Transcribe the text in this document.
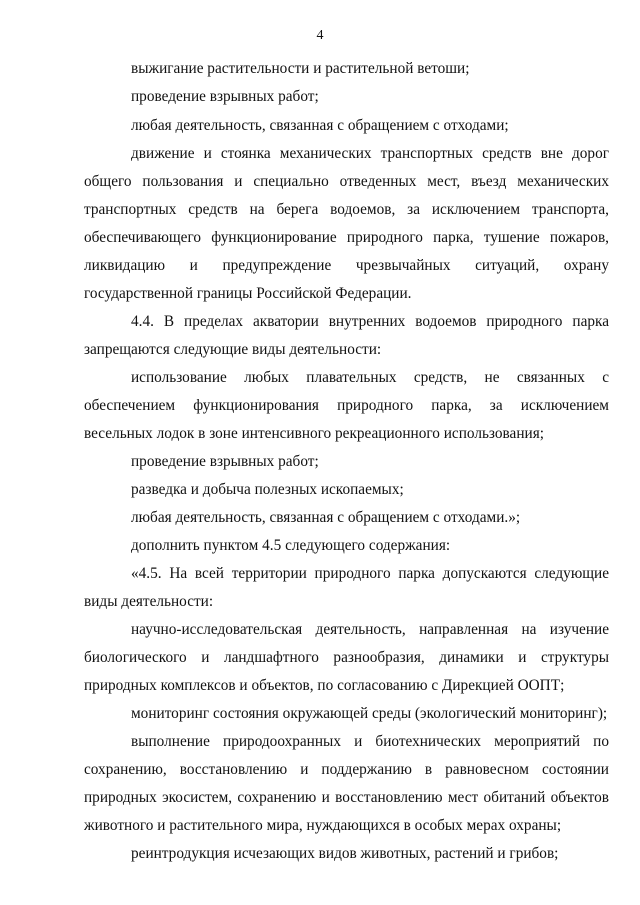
4
выжигание растительности и растительной ветоши;
проведение взрывных работ;
любая деятельность, связанная с обращением с отходами;
движение и стоянка механических транспортных средств вне дорог
общего пользования и специально отведенных мест, въезд механических
транспортных средств на берега водоемов, за исключением транспорта,
обеспечивающего функционирование природного парка, тушение пожаров,
ликвидацию и предупреждение чрезвычайных ситуаций, охрану
государственной границы Российской Федерации.
4.4. В пределах акватории внутренних водоемов природного парка
запрещаются следующие виды деятельности:
использование любых плавательных средств, не связанных с
обеспечением функционирования природного парка, за исключением
весельных лодок в зоне интенсивного рекреационного использования;
проведение взрывных работ;
разведка и добыча полезных ископаемых;
любая деятельность, связанная с обращением с отходами.»;
дополнить пунктом 4.5 следующего содержания:
«4.5. На всей территории природного парка допускаются следующие
виды деятельности:
научно-исследовательская деятельность, направленная на изучение
биологического и ландшафтного разнообразия, динамики и структуры
природных комплексов и объектов, по согласованию с Дирекцией ООПТ;
мониторинг состояния окружающей среды (экологический мониторинг);
выполнение природоохранных и биотехнических мероприятий по
сохранению, восстановлению и поддержанию в равновесном состоянии
природных экосистем, сохранению и восстановлению мест обитаний объектов
животного и растительного мира, нуждающихся в особых мерах охраны;
реинтродукция исчезающих видов животных, растений и грибов;
